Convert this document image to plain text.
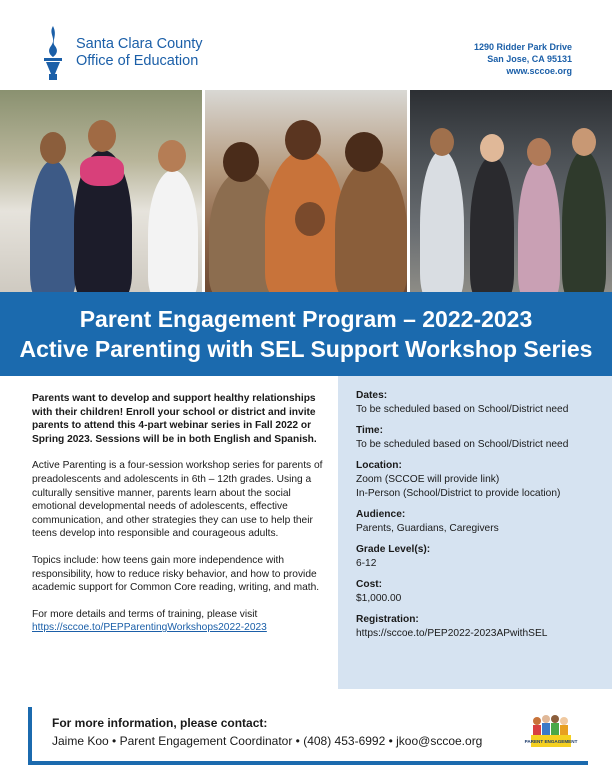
Santa Clara County
Office of Education
1290 Ridder Park Drive
San Jose, CA 95131
www.sccoe.org
Parent Engagement Program – 2022-2023
Active Parenting with SEL Support Workshop Series

Parents want to develop and support healthy relationships with their children! Enroll your school or district and invite parents to attend this 4-part webinar series in Fall 2022 or Spring 2023. Sessions will be in both English and Spanish.

Active Parenting is a four-session workshop series for parents of preadolescents and adolescents in 6th – 12th grades. Using a culturally sensitive manner, parents learn about the social emotional developmental needs of adolescents, effective communication, and other strategies they can use to help their teens develop into responsible and courageous adults.

Topics include: how teens gain more independence with responsibility, how to reduce risky behavior, and how to provide academic support for Common Core reading, writing, and math.

For more details and terms of training, please visit
https://sccoe.to/PEPParentingWorkshops2022-2023

Dates:
To be scheduled based on School/District need
Time:
To be scheduled based on School/District need
Location:
Zoom (SCCOE will provide link)
In-Person (School/District to provide location)
Audience:
Parents, Guardians, Caregivers
Grade Level(s):
6-12
Cost:
$1,000.00
Registration:
https://sccoe.to/PEP2022-2023APwithSEL
For more information, please contact:
Jaime Koo • Parent Engagement Coordinator • (408) 453-6992 • jkoo@sccoe.org	PARENT ENGAGEMENT
